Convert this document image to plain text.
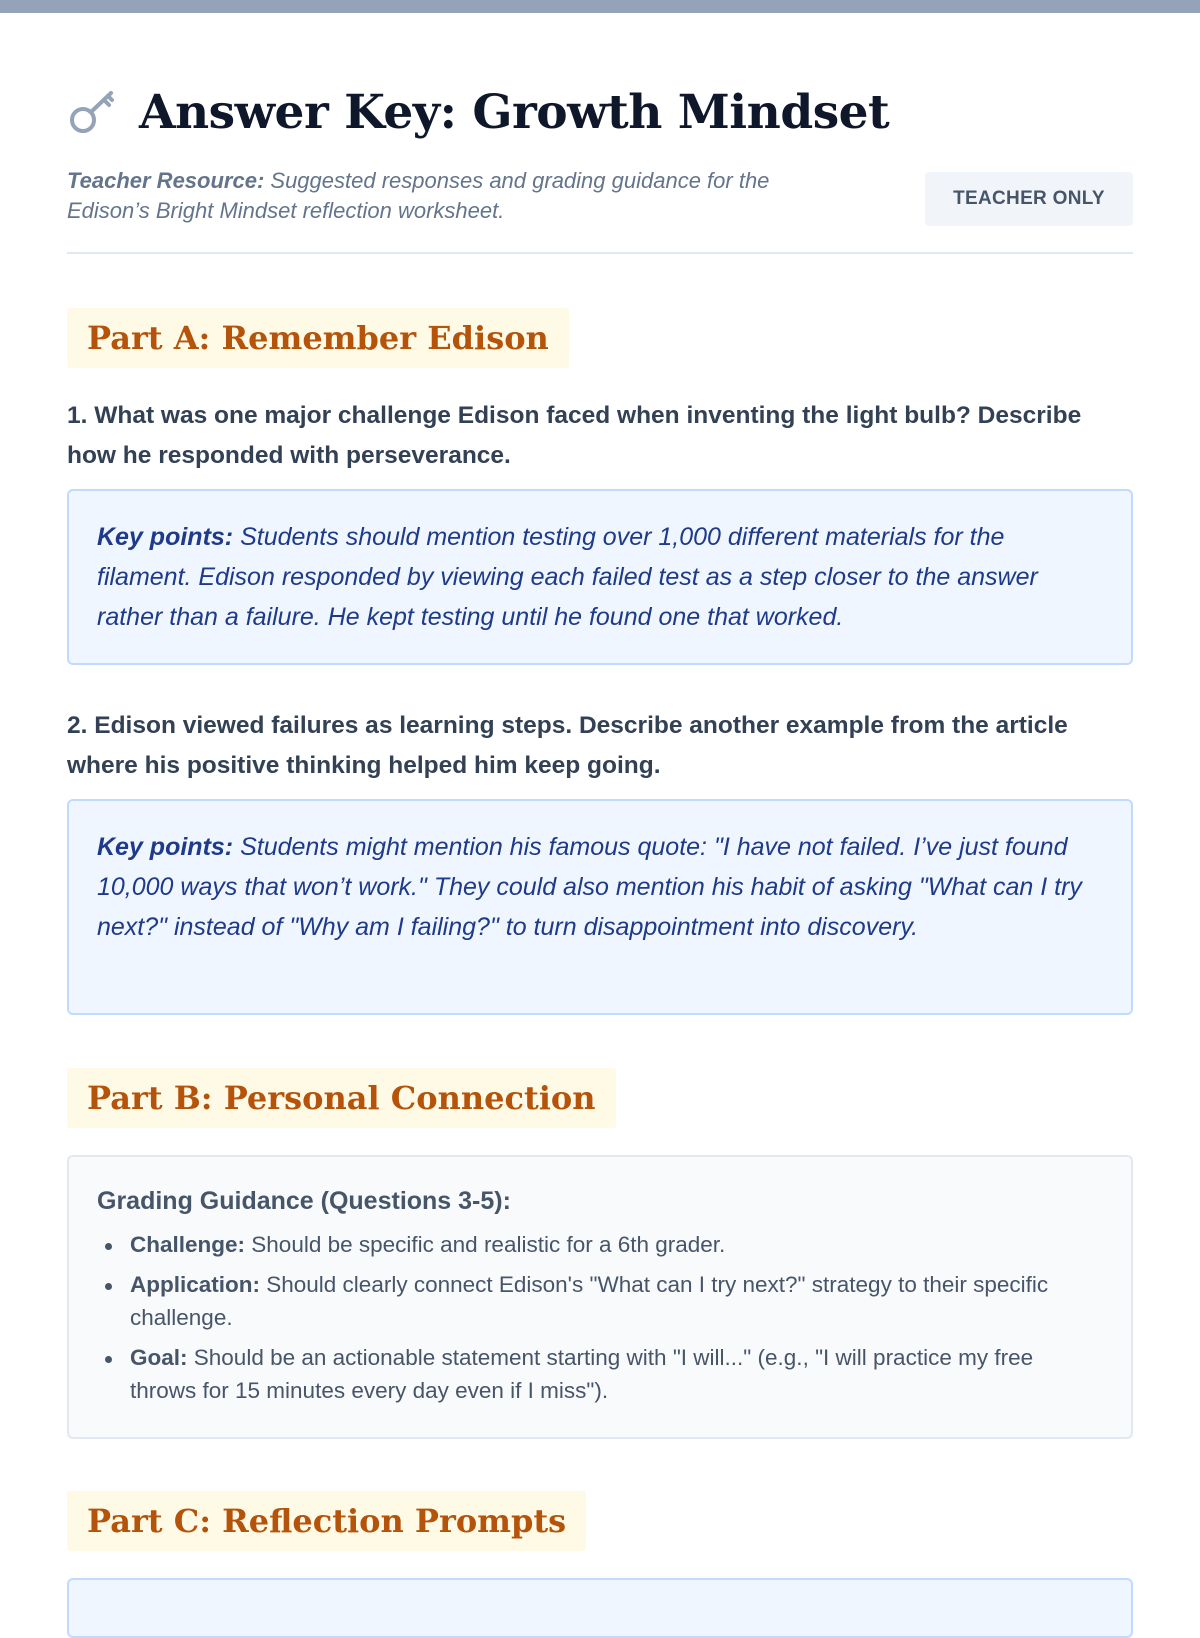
Answer Key: Growth Mindset

Teacher Resource: Suggested responses and grading guidance for the Edison’s Bright Mindset reflection worksheet.	TEACHER ONLY
Part A: Remember Edison

1. What was one major challenge Edison faced when inventing the light bulb? Describe how he responded with perseverance.

Key points: Students should mention testing over 1,000 different materials for the filament. Edison responded by viewing each failed test as a step closer to the answer rather than a failure. He kept testing until he found one that worked.

2. Edison viewed failures as learning steps. Describe another example from the article where his positive thinking helped him keep going.

Key points: Students might mention his famous quote: "I have not failed. I’ve just found 10,000 ways that won’t work." They could also mention his habit of asking "What can I try next?" instead of "Why am I failing?" to turn disappointment into discovery.
Part B: Personal Connection
Grading Guidance (Questions 3-5):
Challenge: Should be specific and realistic for a 6th grader.
Application: Should clearly connect Edison's "What can I try next?" strategy to their specific challenge.
Goal: Should be an actionable statement starting with "I will..." (e.g., "I will practice my free throws for 15 minutes every day even if I miss").
Part C: Reflection Prompts
